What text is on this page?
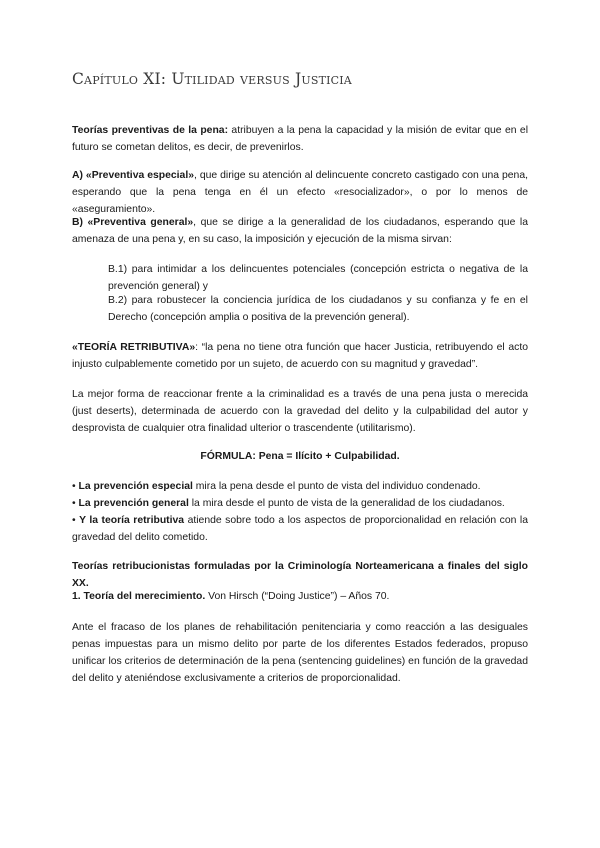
Capítulo XI: Utilidad versus Justicia

Teorías preventivas de la pena: atribuyen a la pena la capacidad y la misión de evitar que en el futuro se cometan delitos, es decir, de prevenirlos.

A) «Preventiva especial», que dirige su atención al delincuente concreto castigado con una pena, esperando que la pena tenga en él un efecto «resocializador», o por lo menos de «aseguramiento».

B) «Preventiva general», que se dirige a la generalidad de los ciudadanos, esperando que la amenaza de una pena y, en su caso, la imposición y ejecución de la misma sirvan:

B.1) para intimidar a los delincuentes potenciales (concepción estricta o negativa de la prevención general) y

B.2) para robustecer la conciencia jurídica de los ciudadanos y su confianza y fe en el Derecho (concepción amplia o positiva de la prevención general).

«TEORÍA RETRIBUTIVA»: “la pena no tiene otra función que hacer Justicia, retribuyendo el acto injusto culpablemente cometido por un sujeto, de acuerdo con su magnitud y gravedad”.

La mejor forma de reaccionar frente a la criminalidad es a través de una pena justa o merecida (just deserts), determinada de acuerdo con la gravedad del delito y la culpabilidad del autor y desprovista de cualquier otra finalidad ulterior o trascendente (utilitarismo).

FÓRMULA: Pena = Ilícito + Culpabilidad.

• La prevención especial mira la pena desde el punto de vista del individuo condenado.
• La prevención general la mira desde el punto de vista de la generalidad de los ciudadanos.
• Y la teoría retributiva atiende sobre todo a los aspectos de proporcionalidad en relación con la gravedad del delito cometido.

Teorías retribucionistas formuladas por la Criminología Norteamericana a finales del siglo XX.

1. Teoría del merecimiento. Von Hirsch (“Doing Justice”) – Años 70.

Ante el fracaso de los planes de rehabilitación penitenciaria y como reacción a las desiguales penas impuestas para un mismo delito por parte de los diferentes Estados federados, propuso unificar los criterios de determinación de la pena (sentencing guidelines) en función de la gravedad del delito y ateniéndose exclusivamente a criterios de proporcionalidad.
